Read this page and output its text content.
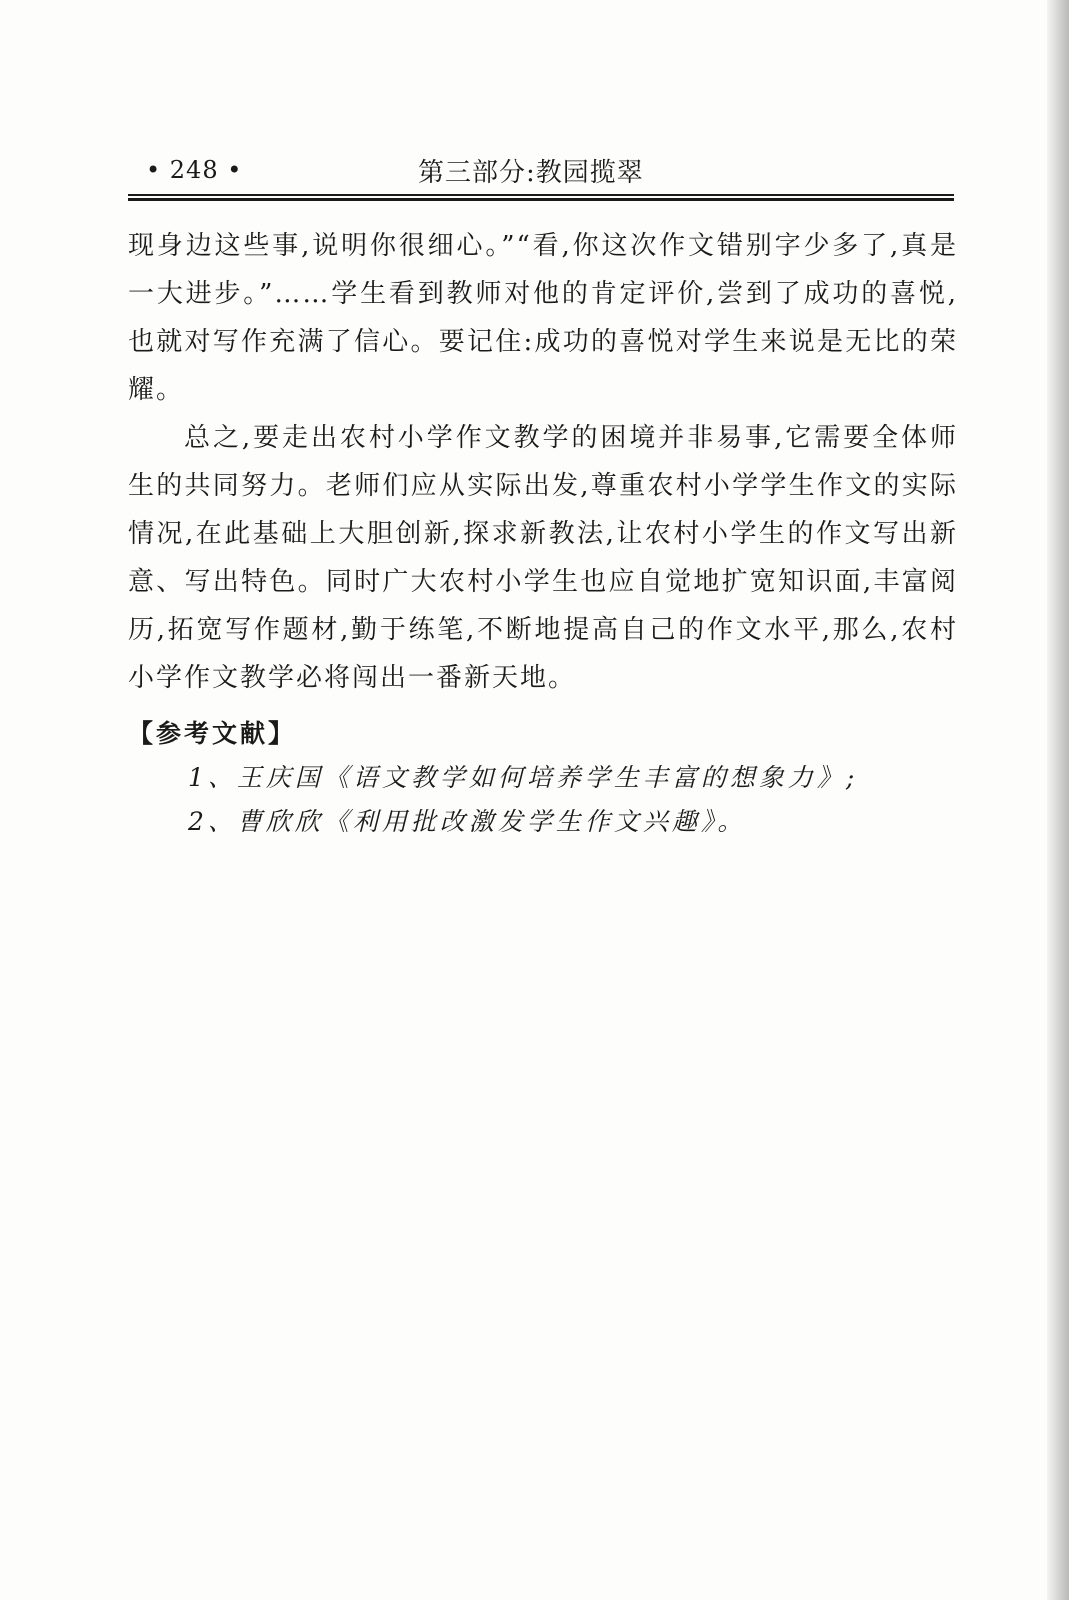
• 248 •	第三部分:教园揽翠

现身边这些事,说明你很细心。”“看,你这次作文错别字少多了,真是一大进步。”……学生看到教师对他的肯定评价,尝到了成功的喜悦,也就对写作充满了信心。要记住:成功的喜悦对学生来说是无比的荣耀。

总之,要走出农村小学作文教学的困境并非易事,它需要全体师生的共同努力。老师们应从实际出发,尊重农村小学学生作文的实际情况,在此基础上大胆创新,探求新教法,让农村小学生的作文写出新意、写出特色。同时广大农村小学生也应自觉地扩宽知识面,丰富阅历,拓宽写作题材,勤于练笔,不断地提高自己的作文水平,那么,农村小学作文教学必将闯出一番新天地。

【参考文献】
1、王庆国《语文教学如何培养学生丰富的想象力》;
2、曹欣欣《利用批改激发学生作文兴趣》。
